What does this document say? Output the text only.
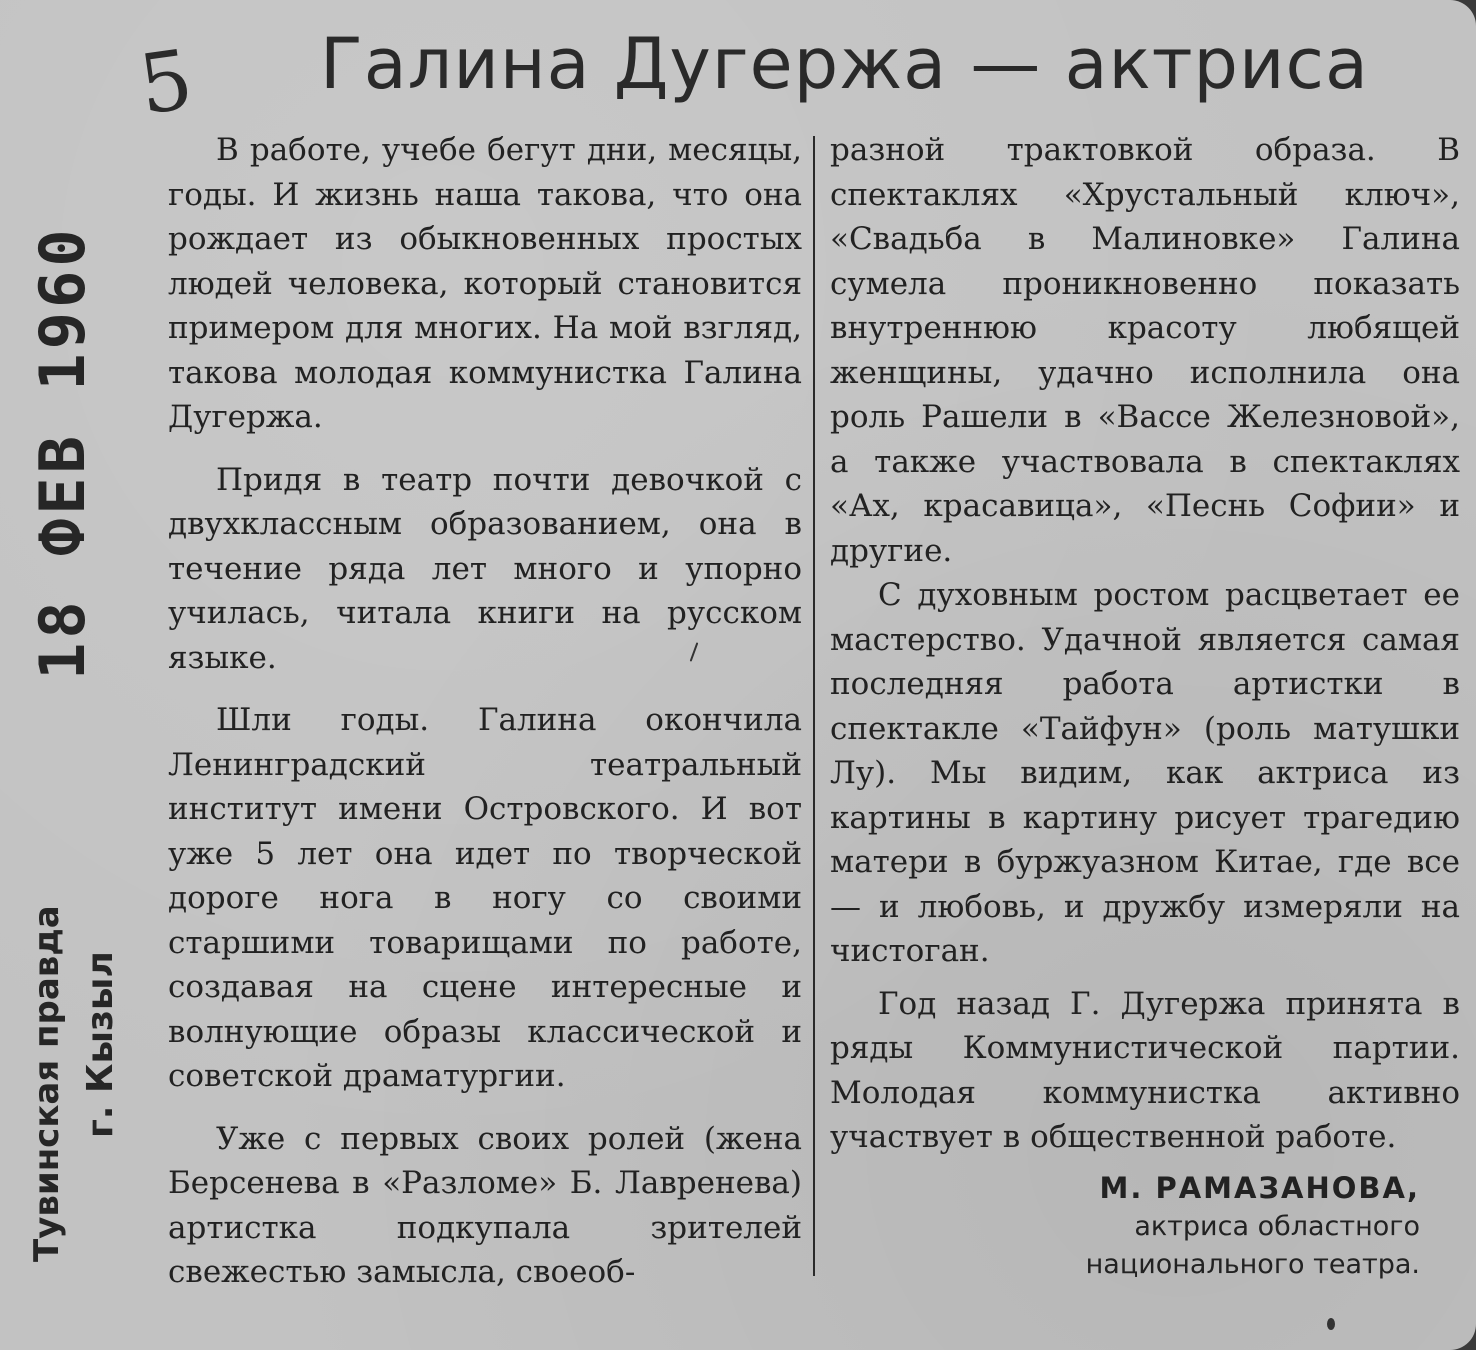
5 Галина Дугержа — актриса

В работе, учебе бегут дни, месяцы, годы. И жизнь наша такова, что она рождает из обыкновенных простых людей человека, который становится примером для многих. На мой взгляд, такова молодая коммунистка Галина Дугержа.

Придя в театр почти девочкой с двухклассным образованием, она в течение ряда лет много и упорно училась, читала книги на русском языке.

Шли годы. Галина окончила Ленинградский театральный институт имени Островского. И вот уже 5 лет она идет по творческой дороге нога в ногу со своими старшими товарищами по работе, создавая на сцене интересные и волнующие образы классической и советской драматургии.

Уже с первых своих ролей (жена Берсенева в «Разломе» Б. Лавренева) артистка подкупала зрителей свежестью замысла, своеоб-

разной трактовкой образа. В спектаклях «Хрустальный ключ», «Свадьба в Малиновке» Галина сумела проникновенно показать внутреннюю красоту любящей женщины, удачно исполнила она роль Рашели в «Вассе Железновой», а также участвовала в спектаклях «Ах, красавица», «Песнь Софии» и другие.

С духовным ростом расцветает ее мастерство. Удачной является самая последняя работа артистки в спектакле «Тайфун» (роль матушки Лу). Мы видим, как актриса из картины в картину рисует трагедию матери в буржуазном Китае, где все— и любовь, и дружбу измеряли на чистоган.

Год назад Г. Дугержа принята в ряды Коммунистической партии. Молодая коммунистка активно участвует в общественной работе.

М. РАМАЗАНОВА,
актриса областного
национального театра.
18 ФЕВ 1960
Тувинская правда г. Кызыл
